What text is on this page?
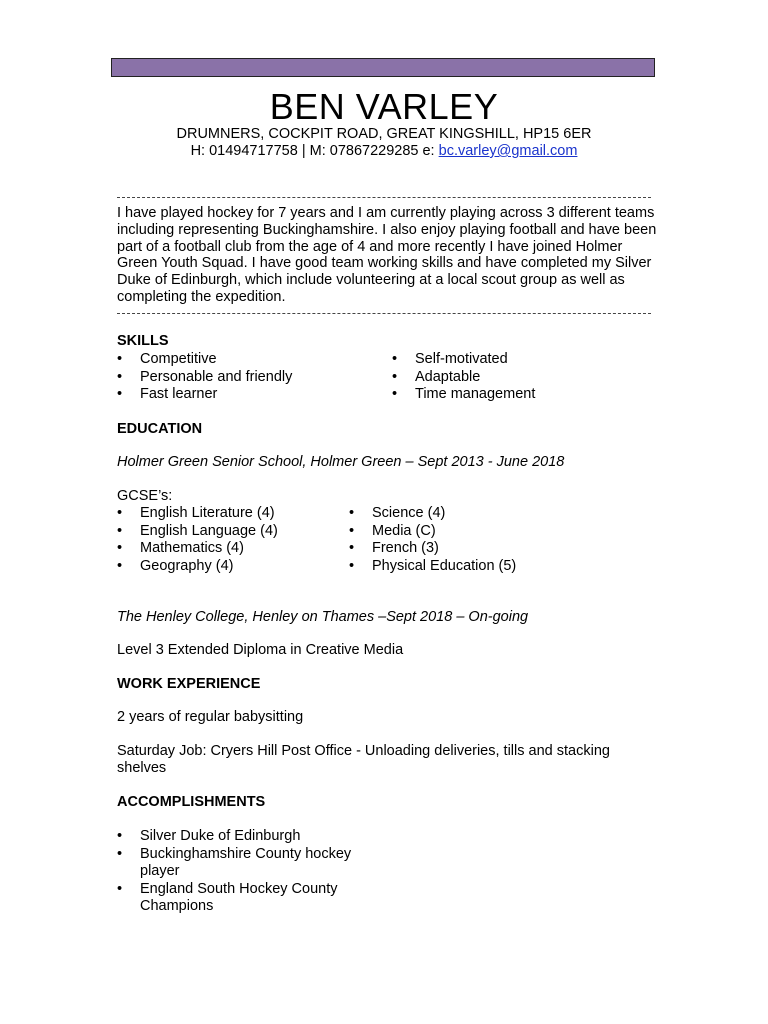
BEN VARLEY
DRUMNERS, COCKPIT ROAD, GREAT KINGSHILL, HP15 6ER
H: 01494717758 | M: 07867229285 e: bc.varley@gmail.com
I have played hockey for 7 years and I am currently playing across 3 different teams including representing Buckinghamshire. I also enjoy playing football and have been part of a football club from the age of 4 and more recently I have joined Holmer Green Youth Squad. I have good team working skills and have completed my Silver Duke of Edinburgh, which include volunteering at a local scout group as well as completing the expedition.
SKILLS
• Competitive
• Personable and friendly
• Fast learner
• Self-motivated
• Adaptable
• Time management
EDUCATION
Holmer Green Senior School, Holmer Green – Sept 2013 - June 2018
GCSE’s:
• English Literature (4)
• English Language (4)
• Mathematics (4)
• Geography (4)
• Science (4)
• Media (C)
• French (3)
• Physical Education (5)
The Henley College, Henley on Thames –Sept 2018 – On-going
Level 3 Extended Diploma in Creative Media
WORK EXPERIENCE
2 years of regular babysitting
Saturday Job: Cryers Hill Post Office - Unloading deliveries, tills and stacking shelves
ACCOMPLISHMENTS
• Silver Duke of Edinburgh
• Buckinghamshire County hockey player
• England South Hockey County Champions
